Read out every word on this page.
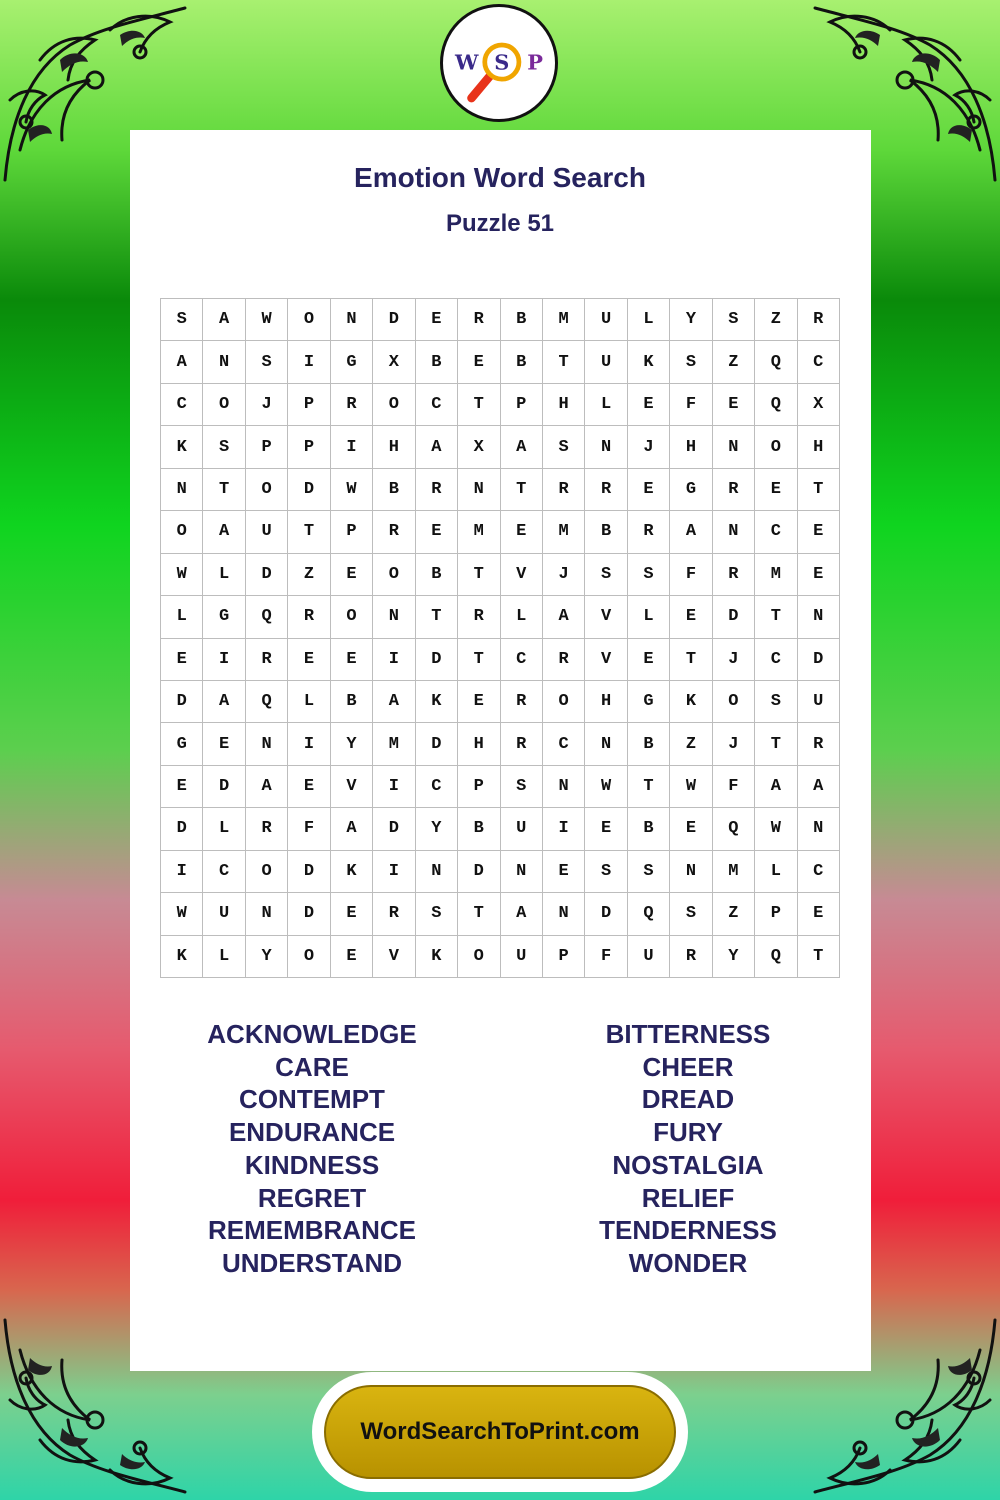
W S P
Emotion Word Search
Puzzle 51
S	A	W	O	N	D	E	R	B	M	U	L	Y	S	Z	R
A	N	S	I	G	X	B	E	B	T	U	K	S	Z	Q	C
C	O	J	P	R	O	C	T	P	H	L	E	F	E	Q	X
K	S	P	P	I	H	A	X	A	S	N	J	H	N	O	H
N	T	O	D	W	B	R	N	T	R	R	E	G	R	E	T
O	A	U	T	P	R	E	M	E	M	B	R	A	N	C	E
W	L	D	Z	E	O	B	T	V	J	S	S	F	R	M	E
L	G	Q	R	O	N	T	R	L	A	V	L	E	D	T	N
E	I	R	E	E	I	D	T	C	R	V	E	T	J	C	D
D	A	Q	L	B	A	K	E	R	O	H	G	K	O	S	U
G	E	N	I	Y	M	D	H	R	C	N	B	Z	J	T	R
E	D	A	E	V	I	C	P	S	N	W	T	W	F	A	A
D	L	R	F	A	D	Y	B	U	I	E	B	E	Q	W	N
I	C	O	D	K	I	N	D	N	E	S	S	N	M	L	C
W	U	N	D	E	R	S	T	A	N	D	Q	S	Z	P	E
K	L	Y	O	E	V	K	O	U	P	F	U	R	Y	Q	T
ACKNOWLEDGE
CARE
CONTEMPT
ENDURANCE
KINDNESS
REGRET
REMEMBRANCE
UNDERSTAND
BITTERNESS
CHEER
DREAD
FURY
NOSTALGIA
RELIEF
TENDERNESS
WONDER
WordSearchToPrint.com
